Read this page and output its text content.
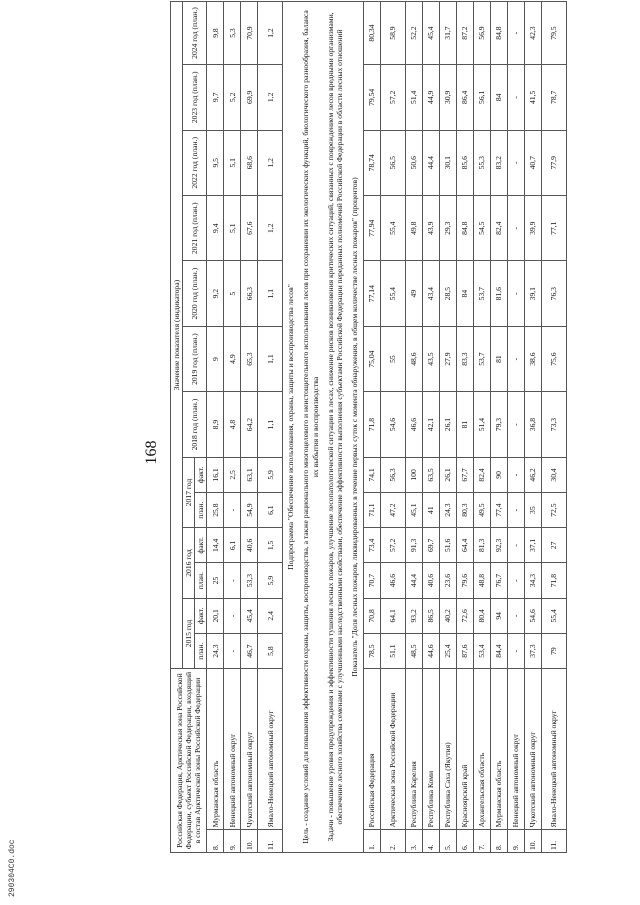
290304C0.doc
168
Российская Федерация, Арктическая зона Российской Федерации, субъект Российской Федерации, входящий в состав Арктической зоны Российской Федерации		Значение показателя (индикатора)												
		2015 год		2016 год		2017 год		2018 год (план.)	2019 год (план.)	2020 год (план.)	2021 год (план.)	2022 год (план.)	2023 год (план.)	2024 год (план.)
		план.	факт.	план.	факт.	план.	факт.							
8.	Мурманская область	24,3	20,1	25	14,4	25,8	16,1	8,9	9	9,2	9,4	9,5	9,7	9,8
9.	Ненецкий автономный округ	-	-	-	6,1	-	2,5	4,8	4,9	5	5,1	5,1	5,2	5,3
10.	Чукотский автономный округ	46,7	45,4	53,3	40,6	54,9	63,1	64,2	65,3	66,3	67,6	68,6	69,9	70,9
11.	Ямало-Ненецкий автономный округ	5,8	2,4	5,9	1,5	6,1	5,9	1,1	1,1	1,1	1,2	1,2	1,2	1,2
Подпрограмма "Обеспечение использования, охраны, защиты и воспроизводства лесов"														
Цель - создание условий для повышения эффективности охраны, защиты, воспроизводства, а также рационального многоцелевого и неистощительного использования лесов при сохранении их экологических функций, биологического разнообразия, баланса их выбытия и воспроизводства														
Задачи - повышение уровня предупреждения и эффективности тушения лесных пожаров, улучшение лесопатологической ситуации в лесах, снижение рисков возникновения критических ситуаций, связанных с повреждением лесов вредными организмами, обеспечение лесного хозяйства семенами с улучшенными наследственными свойствами, обеспечение эффективности выполнения субъектами Российской Федерации переданных полномочий Российской Федерации в области лесных отношений														
Показатель "Доля лесных пожаров, ликвидированных в течение первых суток с момента обнаружения, в общем количестве лесных пожаров" (процентов)														
1.	Российская Федерация	78,5	70,8	70,7	73,4	71,1	74,1	71,8	75,04	77,14	77,94	78,74	79,54	80,34
2.	Арктическая зона Российской Федерации	51,1	64,1	46,6	57,2	47,2	56,3	54,6	55	55,4	55,4	56,5	57,2	58,9
3.	Республика Карелия	48,5	93,2	44,4	91,3	45,1	100	46,6	48,6	49	49,8	50,6	51,4	52,2
4.	Республика Коми	44,6	86,5	40,6	69,7	41	63,5	42,1	43,5	43,4	43,9	44,4	44,9	45,4
5.	Республика Саха (Якутия)	25,4	40,2	23,6	51,6	24,3	26,1	26,1	27,9	28,5	29,3	30,1	30,9	31,7
6.	Красноярский край	87,6	72,6	79,6	64,4	80,3	67,7	81	83,3	84	84,8	85,6	86,4	87,2
7.	Архангельская область	53,4	80,4	48,8	81,3	49,5	82,4	51,4	53,7	53,7	54,5	55,3	56,1	56,9
8.	Мурманская область	84,4	94	76,7	92,3	77,4	90	79,3	81	81,6	82,4	83,2	84	84,8
9.	Ненецкий автономный округ	-	-	-	-	-	-	-	-	-	-	-	-	-
10.	Чукотский автономный округ	37,3	54,6	34,3	37,1	35	46,2	36,8	38,6	39,1	39,9	40,7	41,5	42,3
11.	Ямало-Ненецкий автономный округ	79	55,4	71,8	27	72,5	30,4	73,3	75,6	76,3	77,1	77,9	78,7	79,5
